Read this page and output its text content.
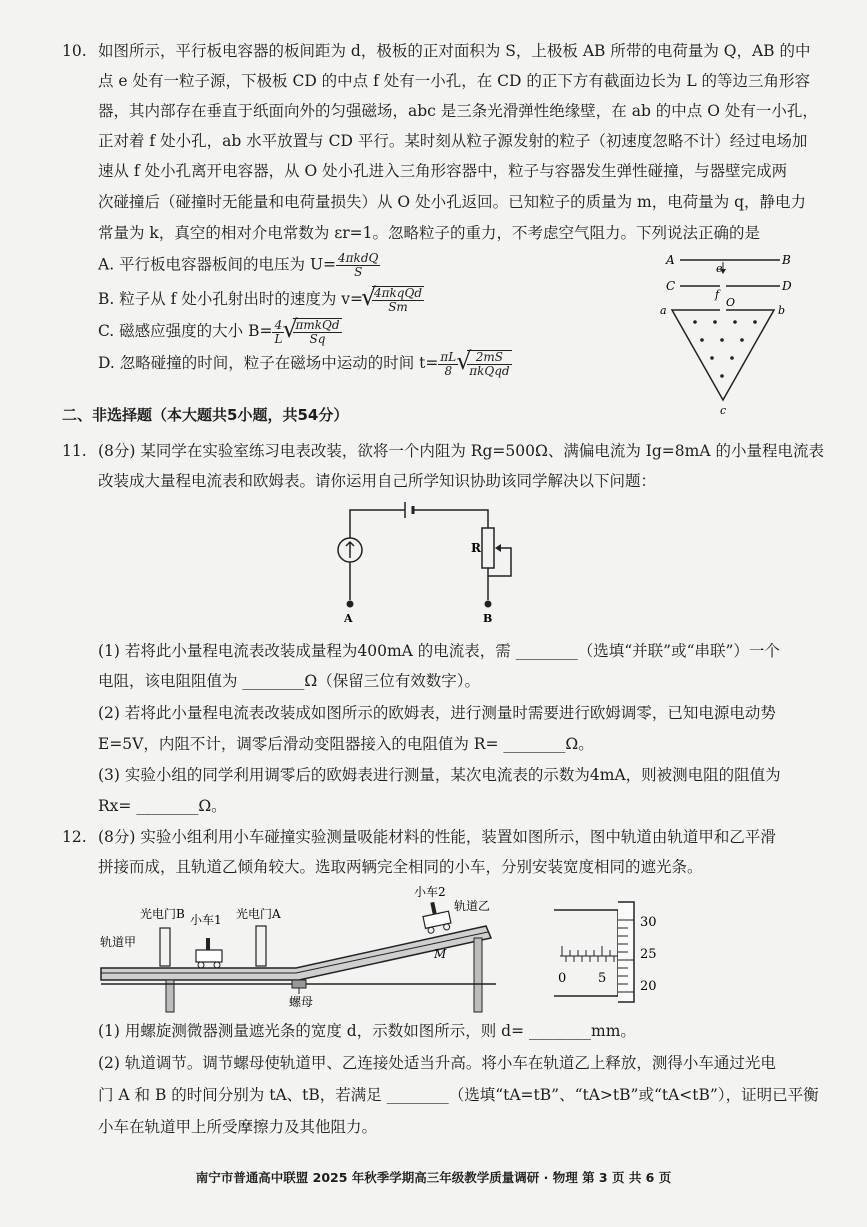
10. 如图所示，平行板电容器的板间距为 d，极板的正对面积为 S，上极板 AB 所带的电荷量为 Q，AB 的中
点 e 处有一粒子源，下极板 CD 的中点 f 处有一小孔，在 CD 的正下方有截面边长为 L 的等边三角形容
器，其内部存在垂直于纸面向外的匀强磁场，abc 是三条光滑弹性绝缘壁，在 ab 的中点 O 处有一小孔，
正对着 f 处小孔，ab 水平放置与 CD 平行。某时刻从粒子源发射的粒子（初速度忽略不计）经过电场加
速从 f 处小孔离开电容器，从 O 处小孔进入三角形容器中，粒子与容器发生弹性碰撞，与器壁完成两
次碰撞后（碰撞时无能量和电荷量损失）从 O 处小孔返回。已知粒子的质量为 m，电荷量为 q，静电力
常量为 k，真空的相对介电常数为 εr=1。忽略粒子的重力，不考虑空气阻力。下列说法正确的是
A. 平行板电容器板间的电压为 $U= \frac{\text{4πkdQ}}{S}$
B. 粒子从 f 处小孔射出时的速度为 v= √ $\frac{\text{4πkqQd}}{Sm}$
C. 磁感应强度的大小 $B= \frac{4}{L}$ √ $\frac{\text{πmkQd}}{Sq}$
D. 忽略碰撞的时间，粒子在磁场中运动的时间 $t= \frac{\pi L}{8}$ √ $\frac{2mS}{\text{πkQqd}}$
A	B
C	D
e
f
O
a	b
c
二、非选择题（本大题共5小题，共54分）
11. (8分) 某同学在实验室练习电表改装，欲将一个内阻为 Rg=500Ω、满偏电流为 Ig=8mA 的小量程电流表
改装成大量程电流表和欧姆表。请你运用自己所学知识协助该同学解决以下问题：
A
R
B
(1) 若将此小量程电流表改装成量程为400mA 的电流表，需 ________（选填“并联”或“串联”）一个
电阻，该电阻阻值为 ________Ω（保留三位有效数字）。
(2) 若将此小量程电流表改装成如图所示的欧姆表，进行测量时需要进行欧姆调零，已知电源电动势
E=5V，内阻不计，调零后滑动变阻器接入的电阻值为 R= ________Ω。
(3) 实验小组的同学利用调零后的欧姆表进行测量，某次电流表的示数为4mA，则被测电阻的阻值为
Rx= ________Ω。
12. (8分) 实验小组利用小车碰撞实验测量吸能材料的性能，装置如图所示，图中轨道由轨道甲和乙平滑
拼接而成，且轨道乙倾角较大。选取两辆完全相同的小车，分别安装宽度相同的遮光条。
螺母
光电门B	光电门A
小车1
小车2
轨道乙
轨道甲
M
0 5
30
25
20
(1) 用螺旋测微器测量遮光条的宽度 d，示数如图所示，则 d= ________mm。
(2) 轨道调节。调节螺母使轨道甲、乙连接处适当升高。将小车在轨道乙上释放，测得小车通过光电
门 A 和 B 的时间分别为 tA、tB，若满足 ________（选填“tA=tB”、“tA>tB”或“tA<tB”），证明已平衡
小车在轨道甲上所受摩擦力及其他阻力。
南宁市普通高中联盟 2025 年秋季学期高三年级教学质量调研 · 物理 第 3 页 共 6 页
